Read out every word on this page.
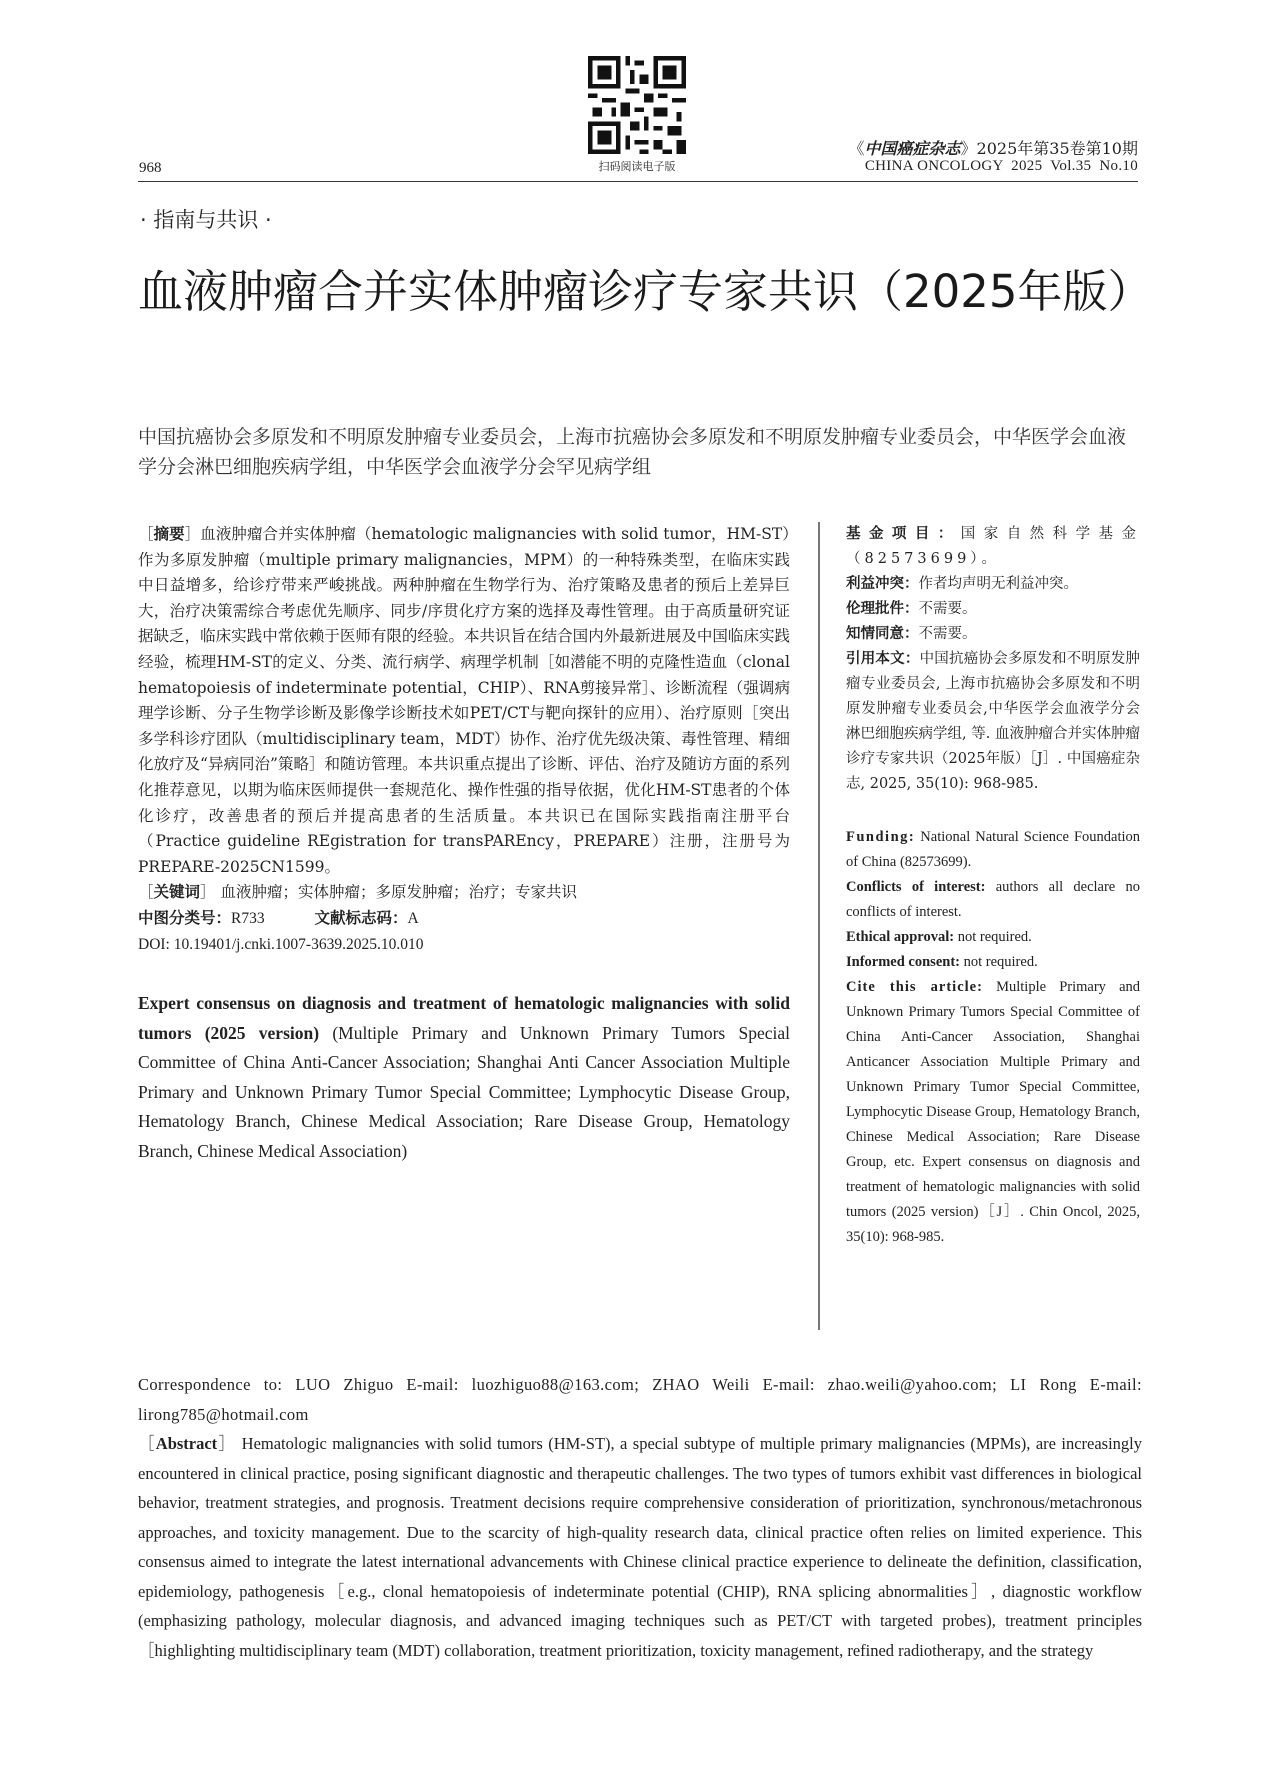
968	扫码阅读电子版
《中国癌症杂志》2025年第35卷第10期
CHINA ONCOLOGY  2025  Vol.35  No.10
· 指南与共识 ·
血液肿瘤合并实体肿瘤诊疗专家共识（2025年版）
中国抗癌协会多原发和不明原发肿瘤专业委员会，上海市抗癌协会多原发和不明原发肿瘤专业委员会，中华医学会血液学分会淋巴细胞疾病学组，中华医学会血液学分会罕见病学组

［摘要］血液肿瘤合并实体肿瘤（hematologic malignancies with solid tumor，HM-ST）作为多原发肿瘤（multiple primary malignancies，MPM）的一种特殊类型，在临床实践中日益增多，给诊疗带来严峻挑战。两种肿瘤在生物学行为、治疗策略及患者的预后上差异巨大，治疗决策需综合考虑优先顺序、同步/序贯化疗方案的选择及毒性管理。由于高质量研究证据缺乏，临床实践中常依赖于医师有限的经验。本共识旨在结合国内外最新进展及中国临床实践经验，梳理HM-ST的定义、分类、流行病学、病理学机制［如潜能不明的克隆性造血（clonal hematopoiesis of indeterminate potential，CHIP）、RNA剪接异常］、诊断流程（强调病理学诊断、分子生物学诊断及影像学诊断技术如PET/CT与靶向探针的应用）、治疗原则［突出多学科诊疗团队（multidisciplinary team，MDT）协作、治疗优先级决策、毒性管理、精细化放疗及“异病同治”策略］和随访管理。本共识重点提出了诊断、评估、治疗及随访方面的系列化推荐意见，以期为临床医师提供一套规范化、操作性强的指导依据，优化HM-ST患者的个体化诊疗，改善患者的预后并提高患者的生活质量。本共识已在国际实践指南注册平台（Practice guideline REgistration for transPAREncy，PREPARE）注册，注册号为PREPARE-2025CN1599。

［关键词］ 血液肿瘤；实体肿瘤；多原发肿瘤；治疗；专家共识

中图分类号：R733	文献标志码：A

DOI: 10.19401/j.cnki.1007-3639.2025.10.010

Expert consensus on diagnosis and treatment of hematologic malignancies with solid tumors (2025 version) (Multiple Primary and Unknown Primary Tumors Special Committee of China Anti-Cancer Association; Shanghai Anti Cancer Association Multiple Primary and Unknown Primary Tumor Special Committee; Lymphocytic Disease Group, Hematology Branch, Chinese Medical Association; Rare Disease Group, Hematology Branch, Chinese Medical Association)

基金项目：国家自然科学基金（82573699）。

利益冲突：作者均声明无利益冲突。

伦理批件：不需要。

知情同意：不需要。

引用本文：中国抗癌协会多原发和不明原发肿瘤专业委员会, 上海市抗癌协会多原发和不明原发肿瘤专业委员会,中华医学会血液学分会淋巴细胞疾病学组, 等. 血液肿瘤合并实体肿瘤诊疗专家共识（2025年版）［J］. 中国癌症杂志, 2025, 35(10): 968-985.

Funding: National Natural Science Foundation of China (82573699).

Conflicts of interest: authors all declare no conflicts of interest.

Ethical approval: not required.

Informed consent: not required.

Cite this article: Multiple Primary and Unknown Primary Tumors Special Committee of China Anti-Cancer Association, Shanghai Anticancer Association Multiple Primary and Unknown Primary Tumor Special Committee, Lymphocytic Disease Group, Hematology Branch, Chinese Medical Association; Rare Disease Group, etc. Expert consensus on diagnosis and treatment of hematologic malignancies with solid tumors (2025 version)［J］. Chin Oncol, 2025, 35(10): 968-985.

Correspondence to: LUO Zhiguo E-mail: luozhiguo88@163.com; ZHAO Weili E-mail: zhao.weili@yahoo.com; LI Rong E-mail: lirong785@hotmail.com

［Abstract］ Hematologic malignancies with solid tumors (HM-ST), a special subtype of multiple primary malignancies (MPMs), are increasingly encountered in clinical practice, posing significant diagnostic and therapeutic challenges. The two types of tumors exhibit vast differences in biological behavior, treatment strategies, and prognosis. Treatment decisions require comprehensive consideration of prioritization, synchronous/metachronous approaches, and toxicity management. Due to the scarcity of high-quality research data, clinical practice often relies on limited experience. This consensus aimed to integrate the latest international advancements with Chinese clinical practice experience to delineate the definition, classification, epidemiology, pathogenesis［e.g., clonal hematopoiesis of indeterminate potential (CHIP), RNA splicing abnormalities］, diagnostic workflow (emphasizing pathology, molecular diagnosis, and advanced imaging techniques such as PET/CT with targeted probes), treatment principles［highlighting multidisciplinary team (MDT) collaboration, treatment prioritization, toxicity management, refined radiotherapy, and the strategy
